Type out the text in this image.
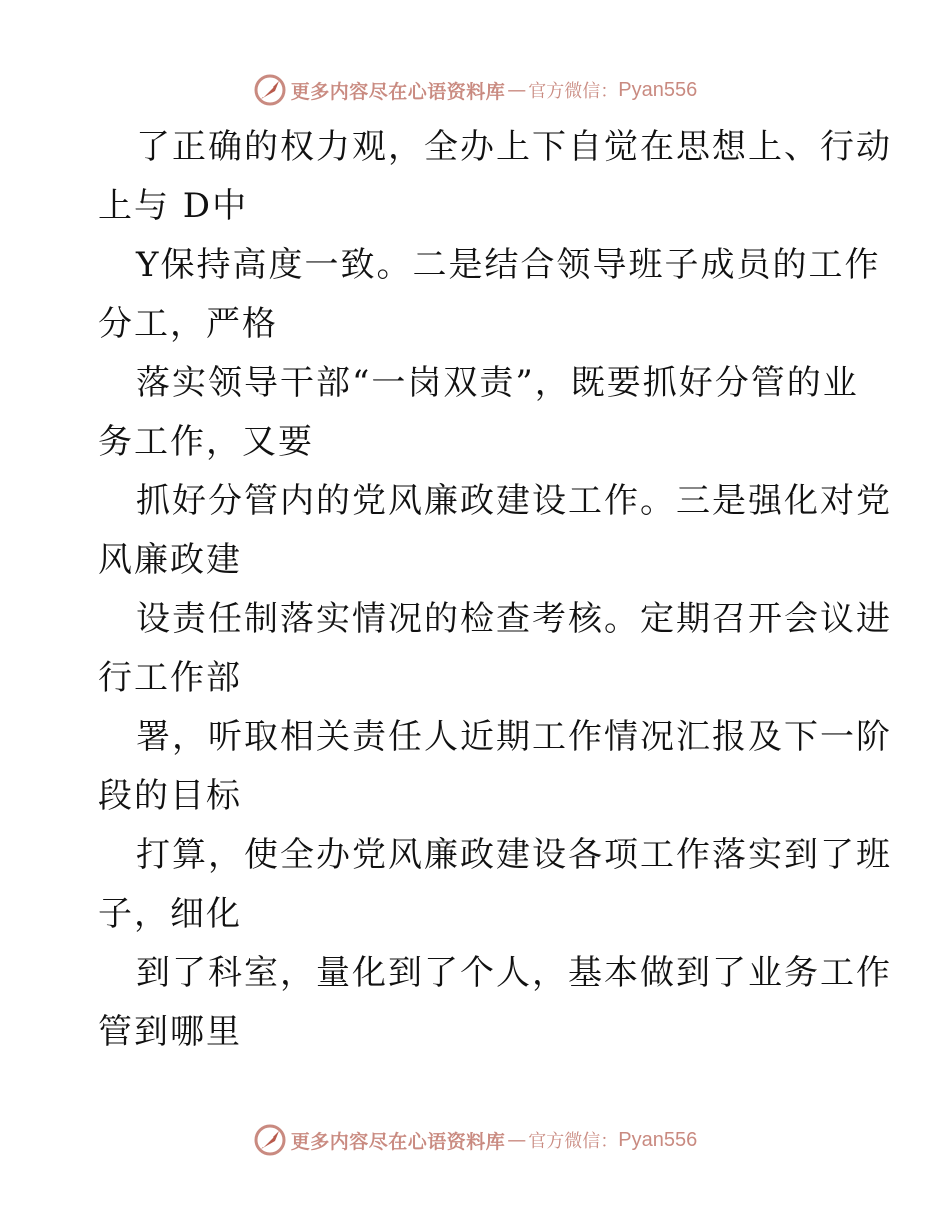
更多内容尽在心语资料库 — 官方微信： Pyan556
了正确的权力观，全办上下自觉在思想上、行动
上与 D中
Y保持高度一致。二是结合领导班子成员的工作
分工，严格
落实领导干部“一岗双责”，既要抓好分管的业
务工作，又要
抓好分管内的党风廉政建设工作。三是强化对党
风廉政建
设责任制落实情况的检查考核。定期召开会议进
行工作部
署，听取相关责任人近期工作情况汇报及下一阶
段的目标
打算，使全办党风廉政建设各项工作落实到了班
子，细化
到了科室，量化到了个人，基本做到了业务工作
管到哪里
更多内容尽在心语资料库 — 官方微信： Pyan556
